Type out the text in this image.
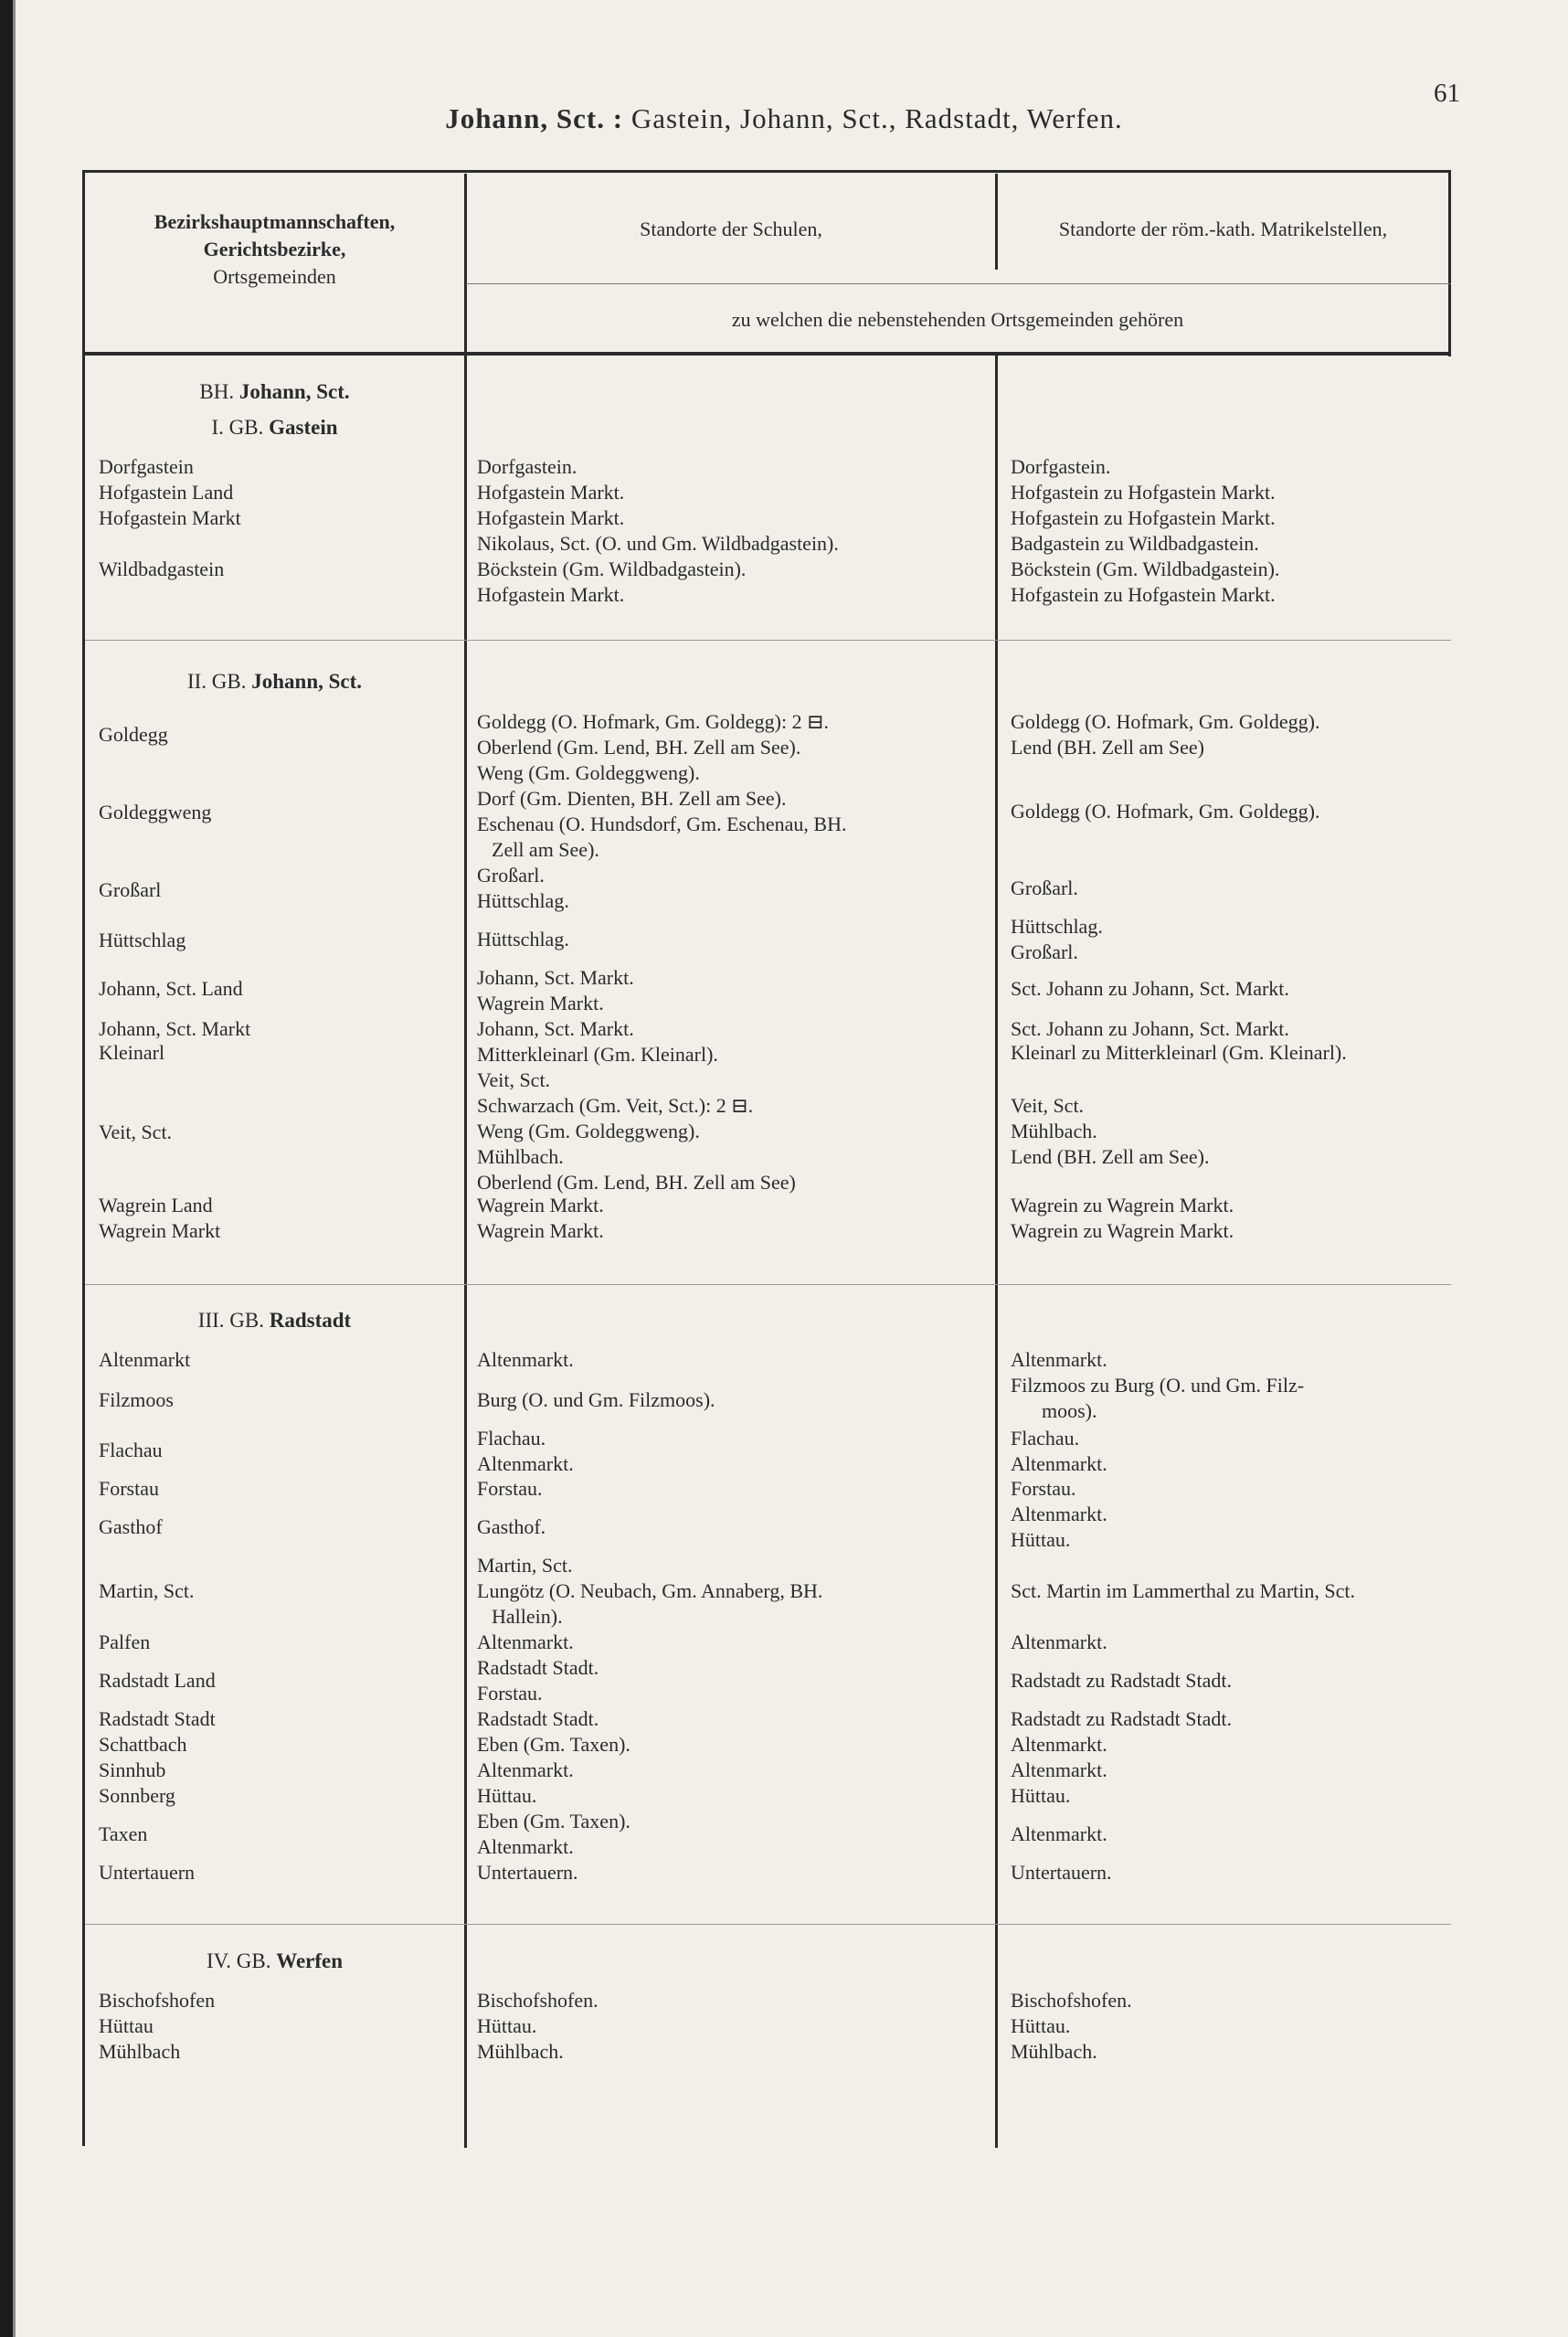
Johann, Sct. : Gastein, Johann, Sct., Radstadt, Werfen.
61
Bezirkshauptmannschaften,
Gerichtsbezirke,
Ortsgemeinden
Standorte der Schulen,	Standorte der röm.-kath. Matrikelstellen,
zu welchen die nebenstehenden Ortsgemeinden gehören
BH. Johann, Sct.
I. GB. Gastein
Dorfgastein
Hofgastein Land
Hofgastein Markt
Wildbadgastein
Dorfgastein.
Hofgastein Markt.
Hofgastein Markt.
Nikolaus, Sct. (O. und Gm. Wildbadgastein).
Böckstein (Gm. Wildbadgastein).
Hofgastein Markt.
Dorfgastein.
Hofgastein zu Hofgastein Markt.
Hofgastein zu Hofgastein Markt.
Badgastein zu Wildbadgastein.
Böckstein (Gm. Wildbadgastein).
Hofgastein zu Hofgastein Markt.
II. GB. Johann, Sct.
Goldegg
Goldeggweng
Großarl
Hüttschlag
Johann, Sct. Land
Johann, Sct. Markt
Kleinarl
Veit, Sct.
Wagrein Land
Wagrein Markt
Goldegg (O. Hofmark, Gm. Goldegg): 2 ⊟.
Oberlend (Gm. Lend, BH. Zell am See).
Weng (Gm. Goldeggweng).
Dorf (Gm. Dienten, BH. Zell am See).
Eschenau (O. Hundsdorf, Gm. Eschenau, BH.
Zell am See).
Großarl.
Hüttschlag.
Hüttschlag.
Johann, Sct. Markt.
Wagrein Markt.
Johann, Sct. Markt.
Mitterkleinarl (Gm. Kleinarl).
Veit, Sct.
Schwarzach (Gm. Veit, Sct.): 2 ⊟.
Weng (Gm. Goldeggweng).
Mühlbach.
Oberlend (Gm. Lend, BH. Zell am See)
Wagrein Markt.
Wagrein Markt.
Goldegg (O. Hofmark, Gm. Goldegg).
Lend (BH. Zell am See)
Goldegg (O. Hofmark, Gm. Goldegg).
Großarl.
Hüttschlag.
Großarl.
Sct. Johann zu Johann, Sct. Markt.
Sct. Johann zu Johann, Sct. Markt.
Kleinarl zu Mitterkleinarl (Gm. Kleinarl).
Veit, Sct.
Mühlbach.
Lend (BH. Zell am See).
Wagrein zu Wagrein Markt.
Wagrein zu Wagrein Markt.
III. GB. Radstadt
Altenmarkt
Filzmoos
Flachau
Forstau
Gasthof
Martin, Sct.
Palfen
Radstadt Land
Radstadt Stadt
Schattbach
Sinnhub
Sonnberg
Taxen
Untertauern
Altenmarkt.
Burg (O. und Gm. Filzmoos).
Flachau.
Altenmarkt.
Forstau.
Gasthof.
Martin, Sct.
Lungötz (O. Neubach, Gm. Annaberg, BH.
Hallein).
Altenmarkt.
Radstadt Stadt.
Forstau.
Radstadt Stadt.
Eben (Gm. Taxen).
Altenmarkt.
Hüttau.
Eben (Gm. Taxen).
Altenmarkt.
Untertauern.
Altenmarkt.
Filzmoos zu Burg (O. und Gm. Filz-
moos).
Flachau.
Altenmarkt.
Forstau.
Altenmarkt.
Hüttau.
Sct. Martin im Lammerthal zu Martin, Sct.
Altenmarkt.
Radstadt zu Radstadt Stadt.
Radstadt zu Radstadt Stadt.
Altenmarkt.
Altenmarkt.
Hüttau.
Altenmarkt.
Untertauern.
IV. GB. Werfen
Bischofshofen
Hüttau
Mühlbach
Bischofshofen.
Hüttau.
Mühlbach.
Bischofshofen.
Hüttau.
Mühlbach.
